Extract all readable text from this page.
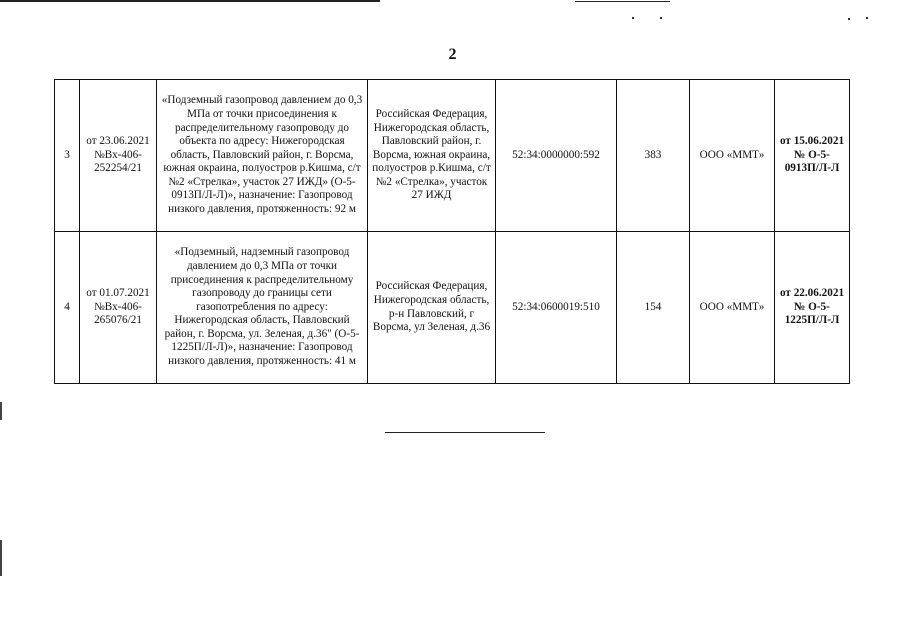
2
3	от 23.06.2021 №Вх-406-252254/21	«Подземный газопровод давлением до 0,3 МПа от точки присоединения к распределительному газопроводу до объекта по адресу: Нижегородская область, Павловский район, г. Ворсма, южная окраина, полуостров р.Кишма, с/т №2 «Стрелка», участок 27 ИЖД» (О-5-0913П/Л-Л)», назначение: Газопровод низкого давления, протяженность: 92 м	Российская Федерация, Нижегородская область, Павловский район, г. Ворсма, южная окраина, полуостров р.Кишма, с/т №2 «Стрелка», участок 27 ИЖД	52:34:0000000:592	383	ООО «ММТ»	от 15.06.2021 № О-5-0913П/Л-Л
4	от 01.07.2021 №Вх-406-265076/21	«Подземный, надземный газопровод давлением до 0,3 МПа от точки присоединения к распределительному газопроводу до границы сети газопотребления по адресу: Нижегородская область, Павловский район, г. Ворсма, ул. Зеленая, д.36" (О-5-1225П/Л-Л)», назначение: Газопровод низкого давления, протяженность: 41 м	Российская Федерация, Нижегородская область, р-н Павловский, г Ворсма, ул Зеленая, д.36	52:34:0600019:510	154	ООО «ММТ»	от 22.06.2021 № О-5-1225П/Л-Л
